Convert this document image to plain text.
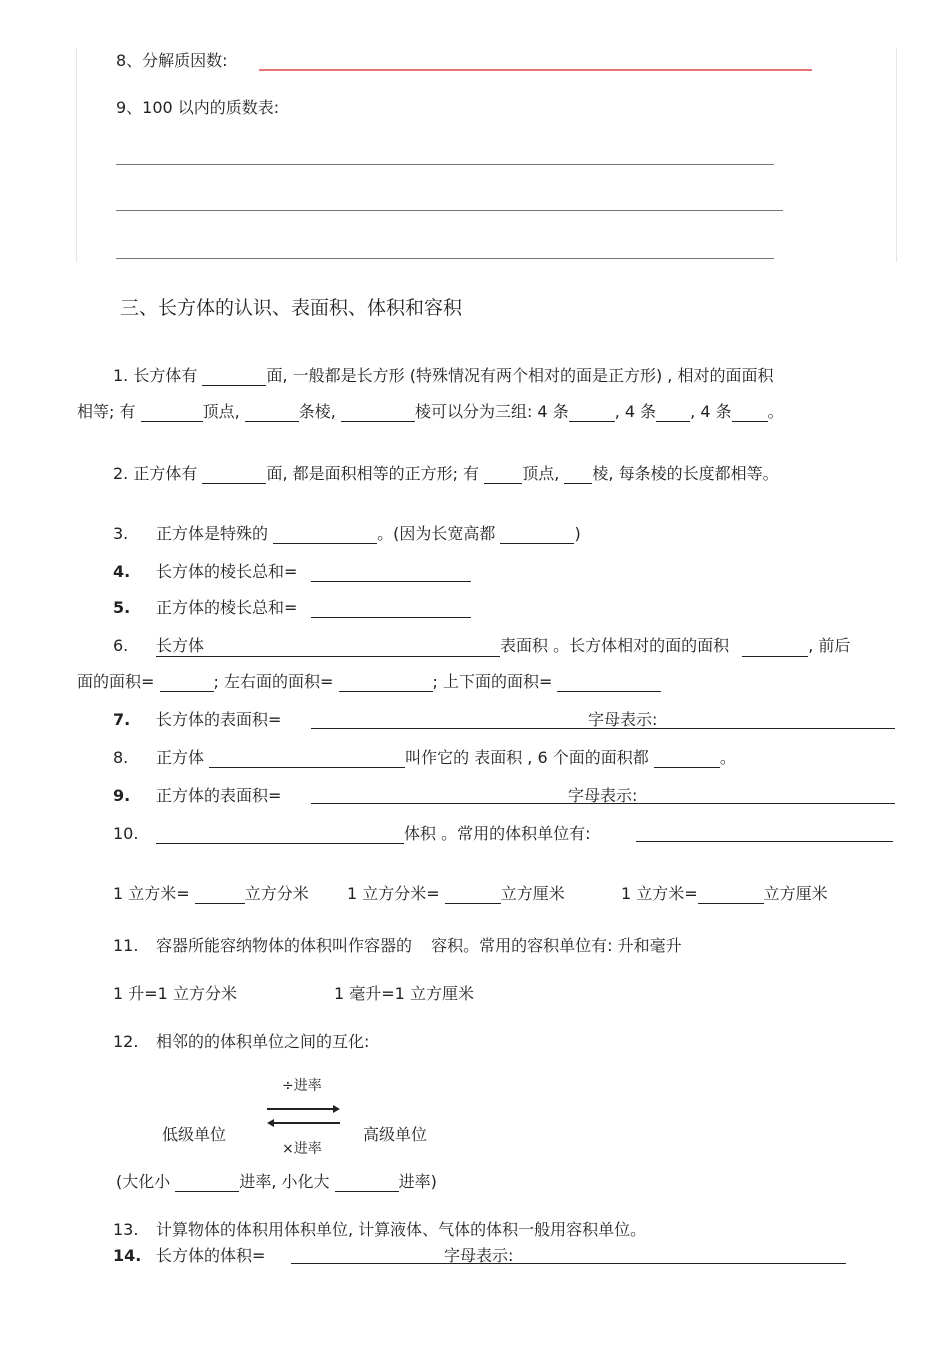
8、分解质因数:
9、100 以内的质数表:
三、长方体的认识、表面积、体积和容积
1. 长方体有	面, 一般都是长方形 (特殊情况有两个相对的面是正方形) , 相对的面面积
相等; 有	顶点,	条棱,	棱可以分为三组: 4 条	, 4 条 , 4 条 。
2. 正方体有	面, 都是面积相等的正方形; 有	顶点, 棱, 每条棱的长度都相等。
3. 正方体是特殊的	。(因为长宽高都	)
4. 长方体的棱长总和=
5. 正方体的棱长总和=
6. 长方体	表面积 。长方体相对的面的面积	, 前后
面的面积=	; 左右面的面积=	; 上下面的面积=
7. 长方体的表面积=	字母表示:
8. 正方体	叫作它的 表面积 , 6 个面的面积都	。
9. 正方体的表面积=	字母表示:
10.	体积 。常用的体积单位有:
1 立方米=	立方分米 1 立方分米=	立方厘米	1 立方米=	立方厘米
11. 容器所能容纳物体的体积叫作容器的 容积。常用的容积单位有: 升和毫升
1 升=1 立方分米	1 毫升=1 立方厘米
12. 相邻的的体积单位之间的互化:
÷进率
×进率
低级单位	高级单位
(大化小	进率, 小化大	进率)
13. 计算物体的体积用体积单位, 计算液体、气体的体积一般用容积单位。
14. 长方体的体积=	字母表示:
